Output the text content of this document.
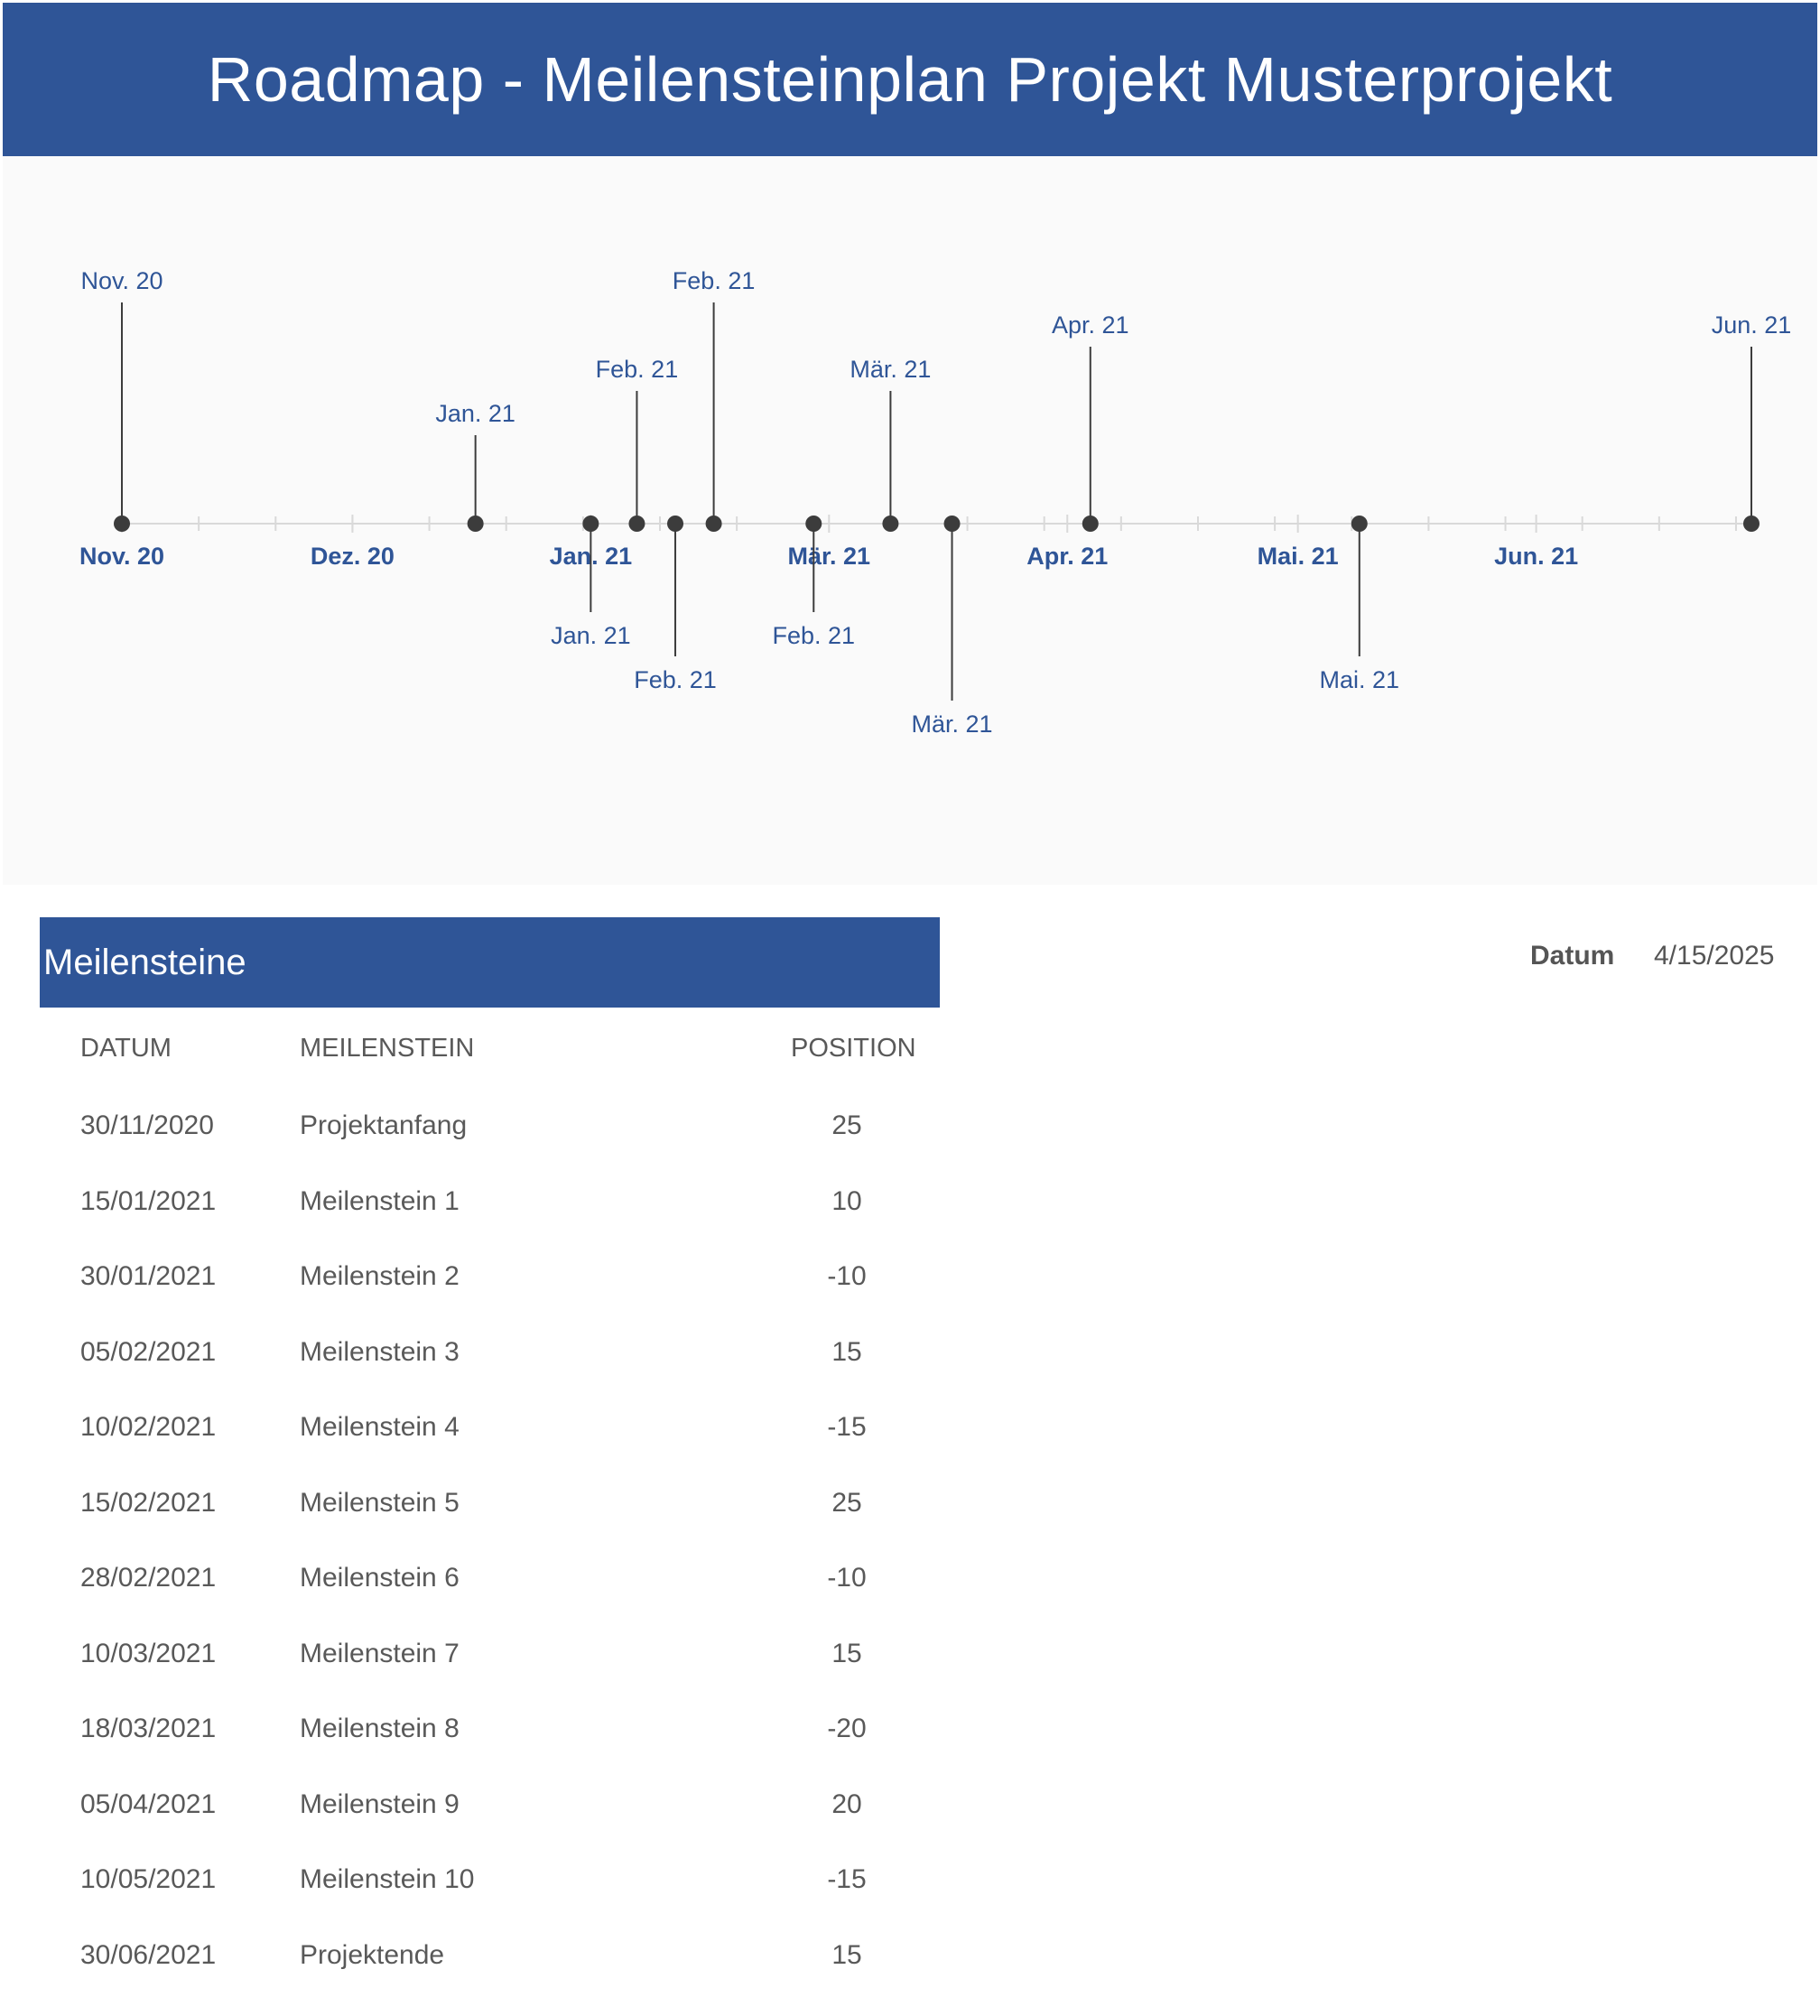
Roadmap - Meilensteinplan Projekt Musterprojekt
Nov. 20	Dez. 20	Jan. 21	Mär. 21	Apr. 21	Mai. 21	Jun. 21
Nov. 20
Jan. 21
Jan. 21
Feb. 21
Feb. 21
Feb. 21
Feb. 21
Mär. 21
Mär. 21
Apr. 21
Mai. 21
Jun. 21
Meilensteine	Datum 4/15/2025
DATUM	MEILENSTEIN	POSITION
30/11/2020	Projektanfang	25
15/01/2021	Meilenstein 1	10
30/01/2021	Meilenstein 2	-10
05/02/2021	Meilenstein 3	15
10/02/2021	Meilenstein 4	-15
15/02/2021	Meilenstein 5	25
28/02/2021	Meilenstein 6	-10
10/03/2021	Meilenstein 7	15
18/03/2021	Meilenstein 8	-20
05/04/2021	Meilenstein 9	20
10/05/2021	Meilenstein 10	-15
30/06/2021	Projektende	15
